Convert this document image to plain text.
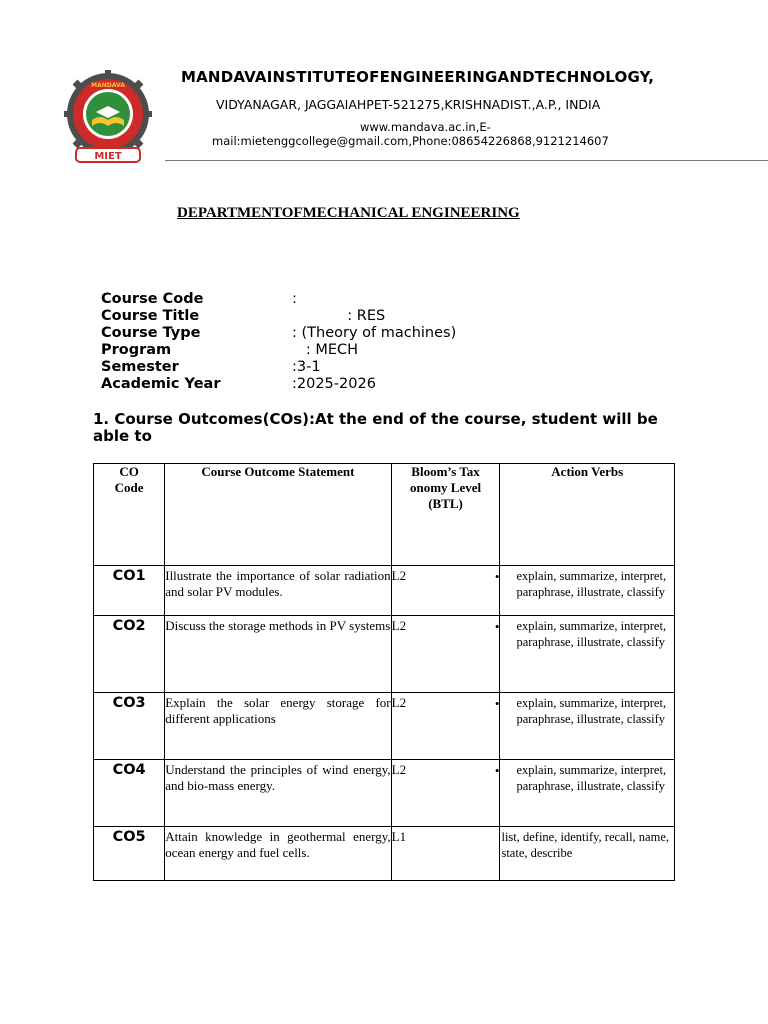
MANDAVA
MIET
MANDAVAINSTITUTEOFENGINEERINGANDTECHNOLOGY,
VIDYANAGAR, JAGGAIAHPET-521275,KRISHNADIST.,A.P., INDIA
www.mandava.ac.in,E-
mail:mietenggcollege@gmail.com,Phone:08654226868,9121214607
DEPARTMENTOFMECHANICAL ENGINEERING
Course Code	:
Course Title	: RES
Course Type	: (Theory of machines)
Program	: MECH
Semester	:3-1
Academic Year	:2025-2026
1. Course Outcomes(COs):At the end of the course, student will be able to
CO Code	Course Outcome Statement	Bloom’s Taxonomy Level(BTL)	Action Verbs
CO1	Illustrate the importance of solar radiation and solar PV modules.	L2 •	explain, summarize, interpret, paraphrase, illustrate, classify
CO2	Discuss the storage methods in PV systems	L2 •	explain, summarize, interpret, paraphrase, illustrate, classify
CO3	Explain the solar energy storage for different applications	L2 •	explain, summarize, interpret, paraphrase, illustrate, classify
CO4	Understand the principles of wind energy, and bio-mass energy.	L2 •	explain, summarize, interpret, paraphrase, illustrate, classify
CO5	Attain knowledge in geothermal energy, ocean energy and fuel cells.	L1	list, define, identify, recall, name, state, describe
